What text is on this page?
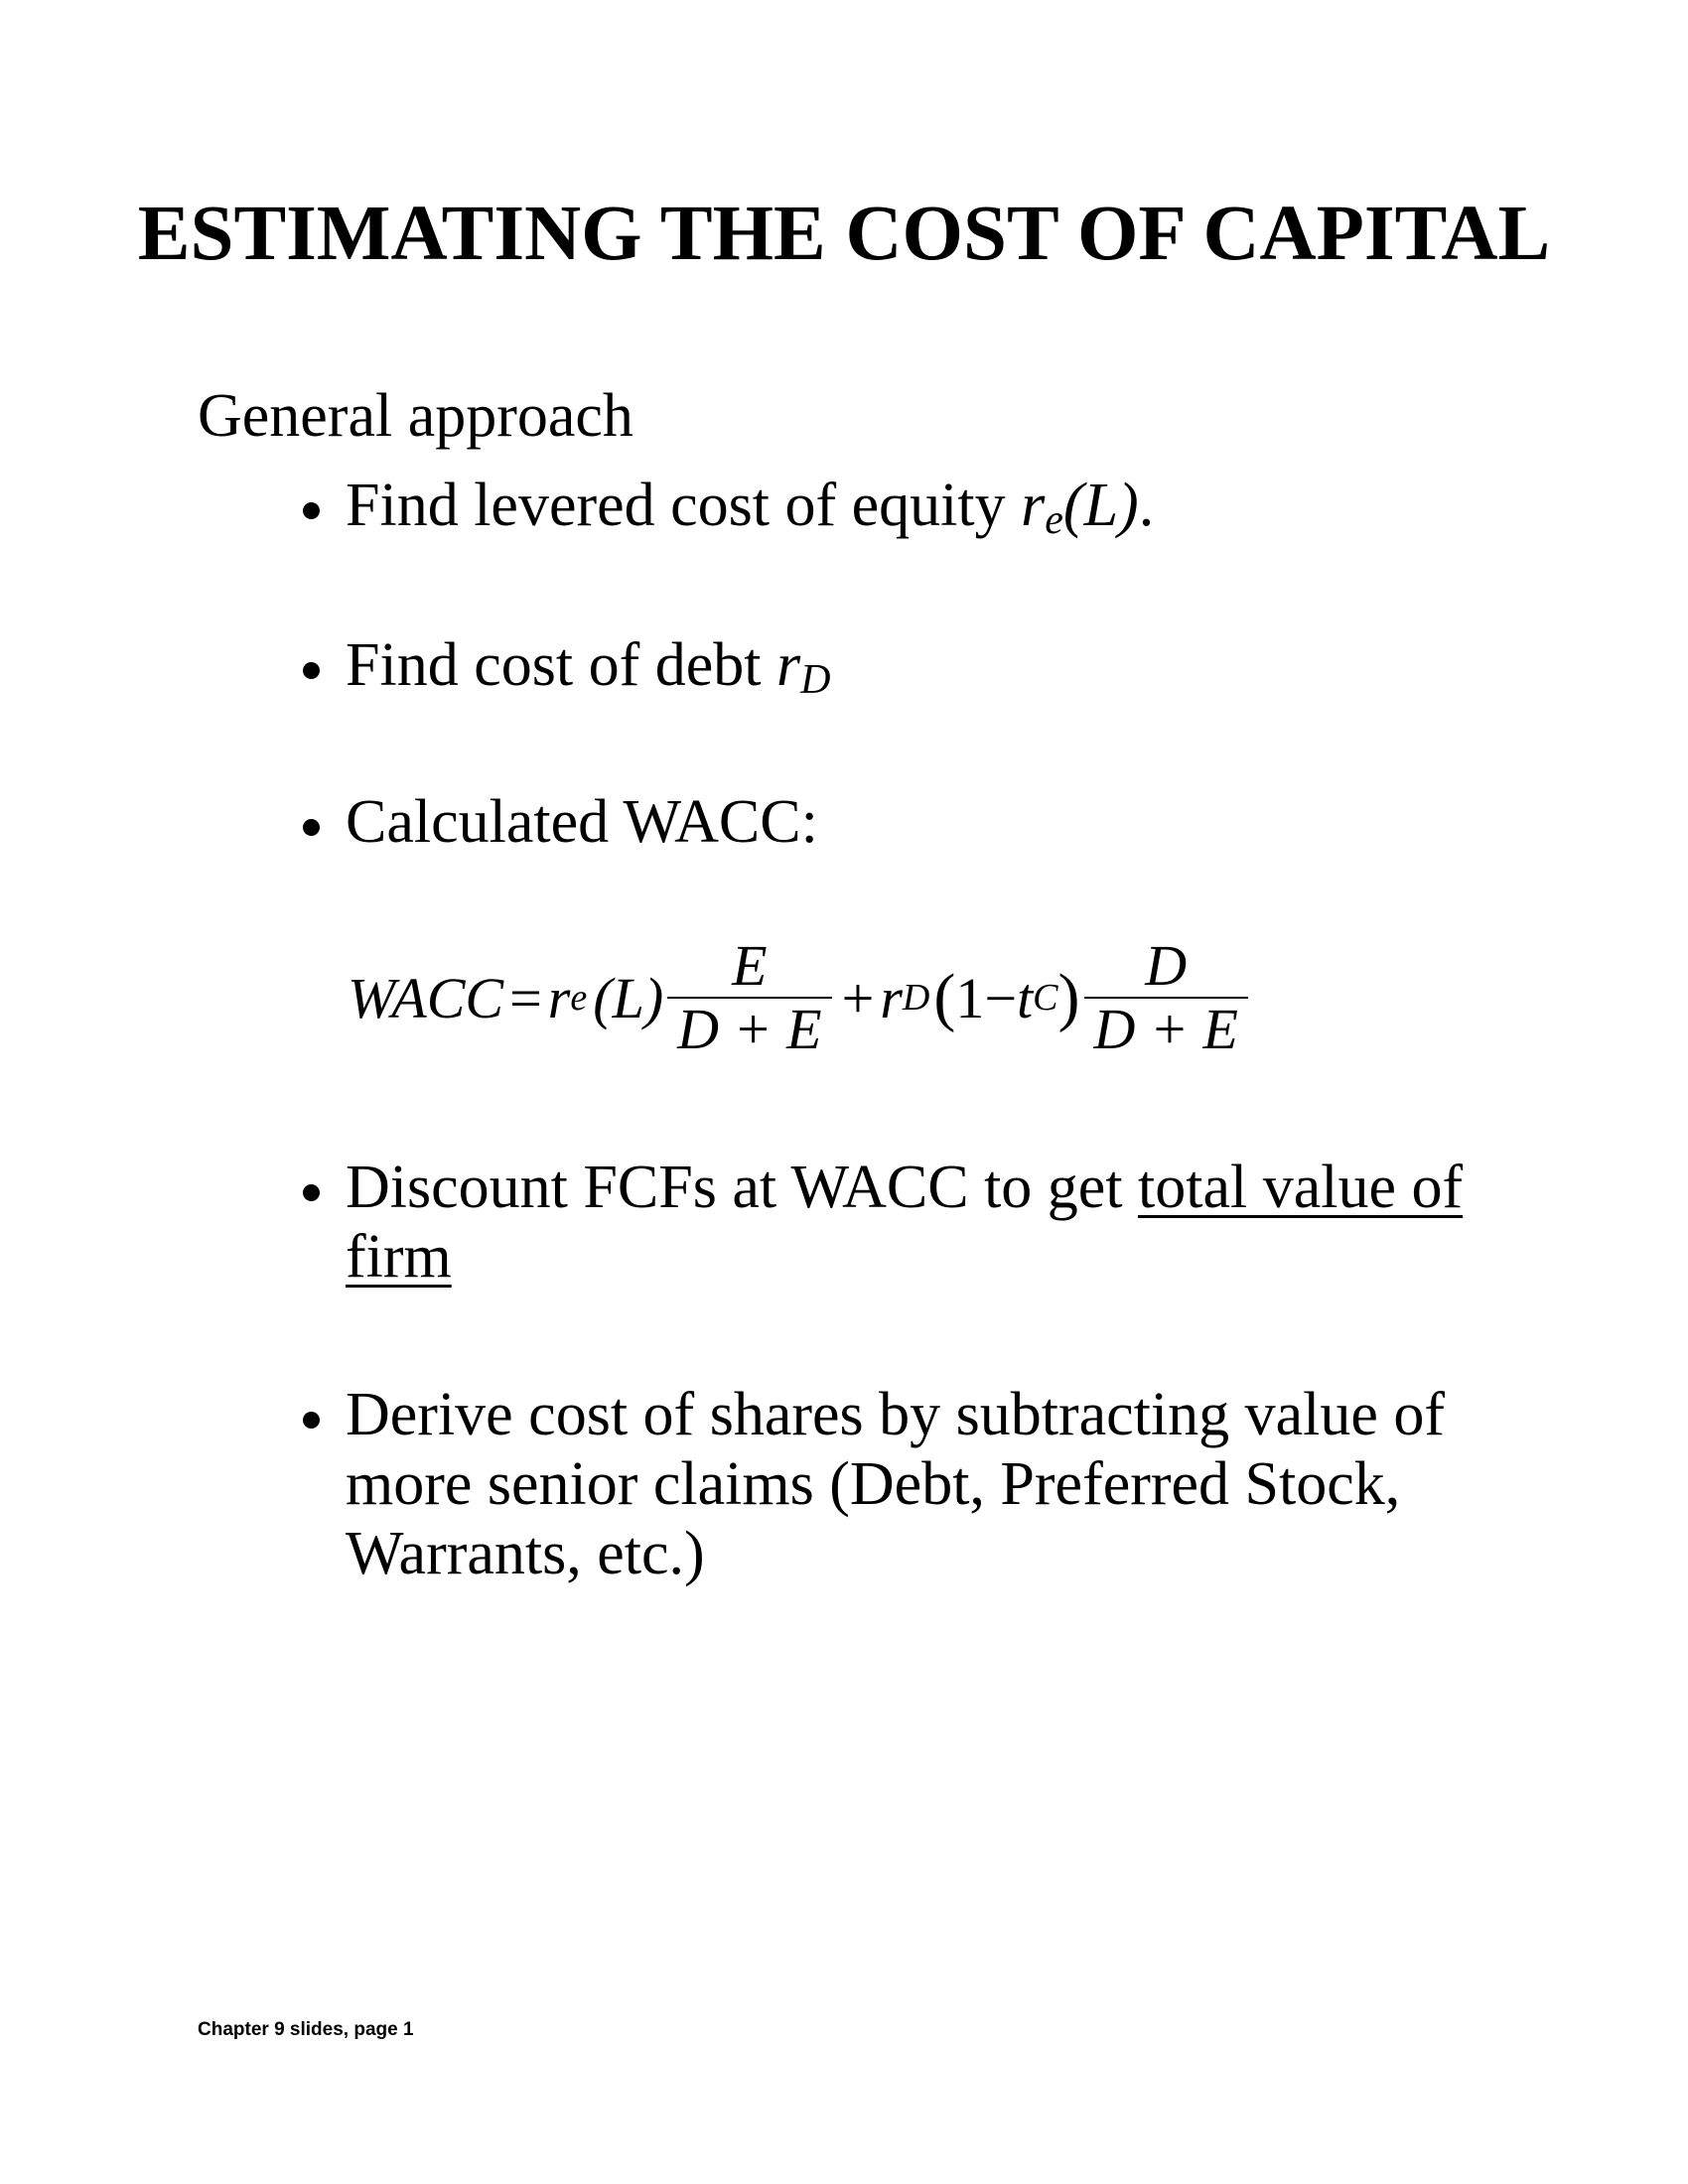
ESTIMATING THE COST OF CAPITAL
General approach
Find levered cost of equity $r_e(L)$.
Find cost of debt $r_D$
Calculated WACC:
WACC = r e $(L) \frac{E}{D + E} + r$ D ( 1 − t C ) $\frac{D}{D + E}$
Discount FCFs at WACC to get total value of
firm
Derive cost of shares by subtracting value of
more senior claims (Debt, Preferred Stock,
Warrants, etc.)
Chapter 9 slides, page 1
